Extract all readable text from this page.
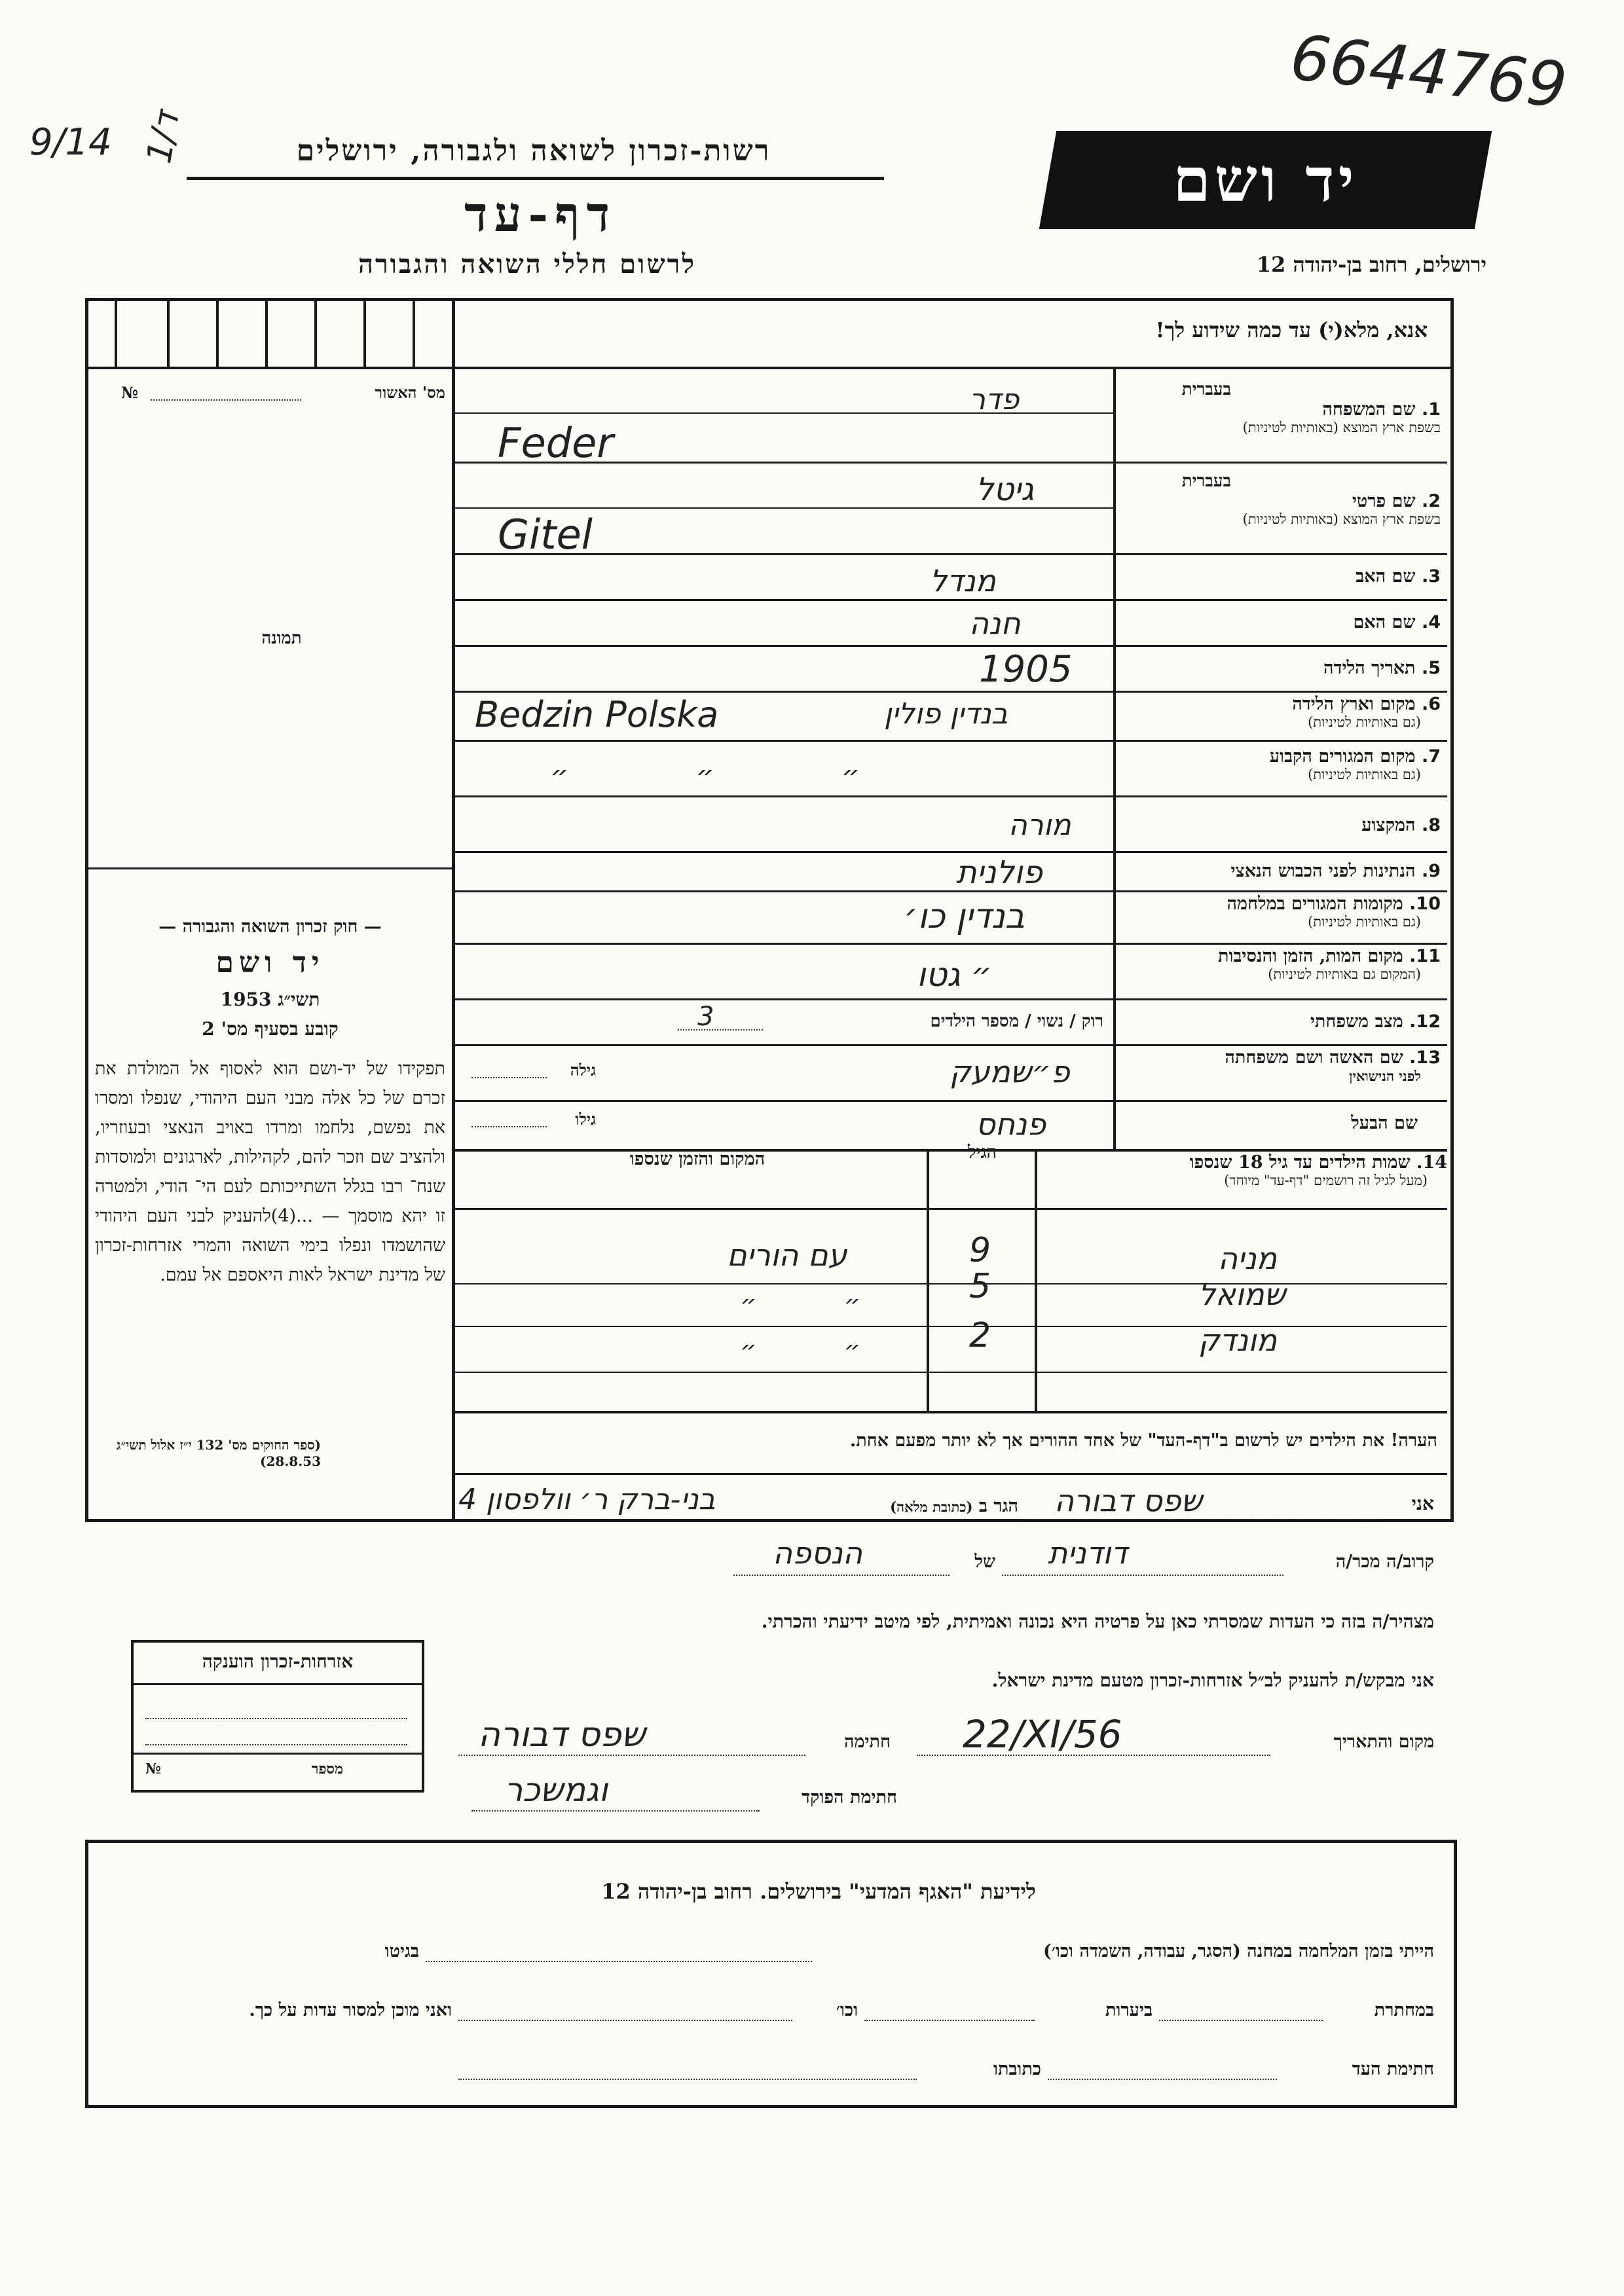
6644769
9/14 ד/1
רשות-זכרון לשואה ולגבורה, ירושלים
דף-עד
לרשום חללי השואה והגבורה
יד ושם
ירושלים, רחוב בן-יהודה 12
אנא, מלא(י) עד כמה שידוע לך!
מס' האשור
№
תמונה
בעברית
1. שם המשפחה
בשפת ארץ המוצא (באותיות לטיניות)
בעברית
2. שם פרטי
בשפת ארץ המוצא (באותיות לטיניות)
3. שם האב
4. שם האם
5. תאריך הלידה
6. מקום וארץ הלידה
(גם באותיות לטיניות)
7. מקום המגורים הקבוע
(גם באותיות לטיניות)
8. המקצוע
9. הנתינות לפני הכבוש הנאצי
10. מקומות המגורים במלחמה
(גם באותיות לטיניות)
11. מקום המות, הזמן והנסיבות
(המקום גם באותיות לטיניות)
12. מצב משפחתי
13. שם האשה ושם משפחתה
לפני הנישואין
שם הבעל
פדר
Feder
גיטל
Gitel
מנדל
חנה
1905
בנדין פולין
Bedzin Polska
״ ״ ״
מורה
פולנית
בנדין כו׳
״ גטו
רוק / נשוי / מספר הילדים
3
גילה	פ״שמעק
גילו	פנחס
14. שמות הילדים עד גיל 18 שנספו
(מעל לגיל זה רושמים "דף-עד" מיוחד)
הגיל
המקום והזמן שנספו
מניה
9
עם הורים
שמואל
5
״ ״
מונדק
2
״ ״
הערה! את הילדים יש לרשום ב"דף-העד" של אחד ההורים אך לא יותר מפעם אחת.
— חוק זכרון השואה והגבורה —
יד ושם
תשי״ג 1953
קובע בסעיף מס' 2
תפקידו של יד-ושם הוא לאסוף אל המולדת את זכרם של כל אלה מבני העם היהודי, שנפלו ומסרו את נפשם, נלחמו ומרדו באויב הנאצי ובעוזריו, ולהציב שם וזכר להם, לקהילות, לארגונים ולמוסדות שנח־ רבו בגלל השתייכותם לעם הי־ הודי, ולמטרה זו יהא מוסמך — ...(4)להעניק לבני העם היהודי שהושמדו ונפלו בימי השואה והמרי אזרחות-זכרון של מדינת ישראל לאות היאספם אל עמם.
(ספר החוקים מס' 132 י״ז אלול תשי״ג 28.8.53)
אני
שפס דבורה
הגר ב (כתובת מלאה)
בני-ברק ר׳ וולפסון 4
קרוב/ה מכר/ה
דודנית
של
הנספה
מצהיר/ה בזה כי העדות שמסרתי כאן על פרטיה היא נכונה ואמיתית, לפי מיטב ידיעתי והכרתי.
אני מבקש/ת להעניק לב״ל אזרחות-זכרון מטעם מדינת ישראל.
מקום והתאריך
22/XI/56
חתימה
שפס דבורה
חתימת הפוקד
וגמשכר
אזרחות-זכרון הוענקה
מספר
№
לידיעת "האגף המדעי" בירושלים. רחוב בן-יהודה 12
הייתי בזמן המלחמה במחנה (הסגר, עבודה, השמדה וכו׳)
בגיטו
במחתרת
ביערות
וכו׳
ואני מוכן למסור עדות על כך.
חתימת העד
כתובתו
